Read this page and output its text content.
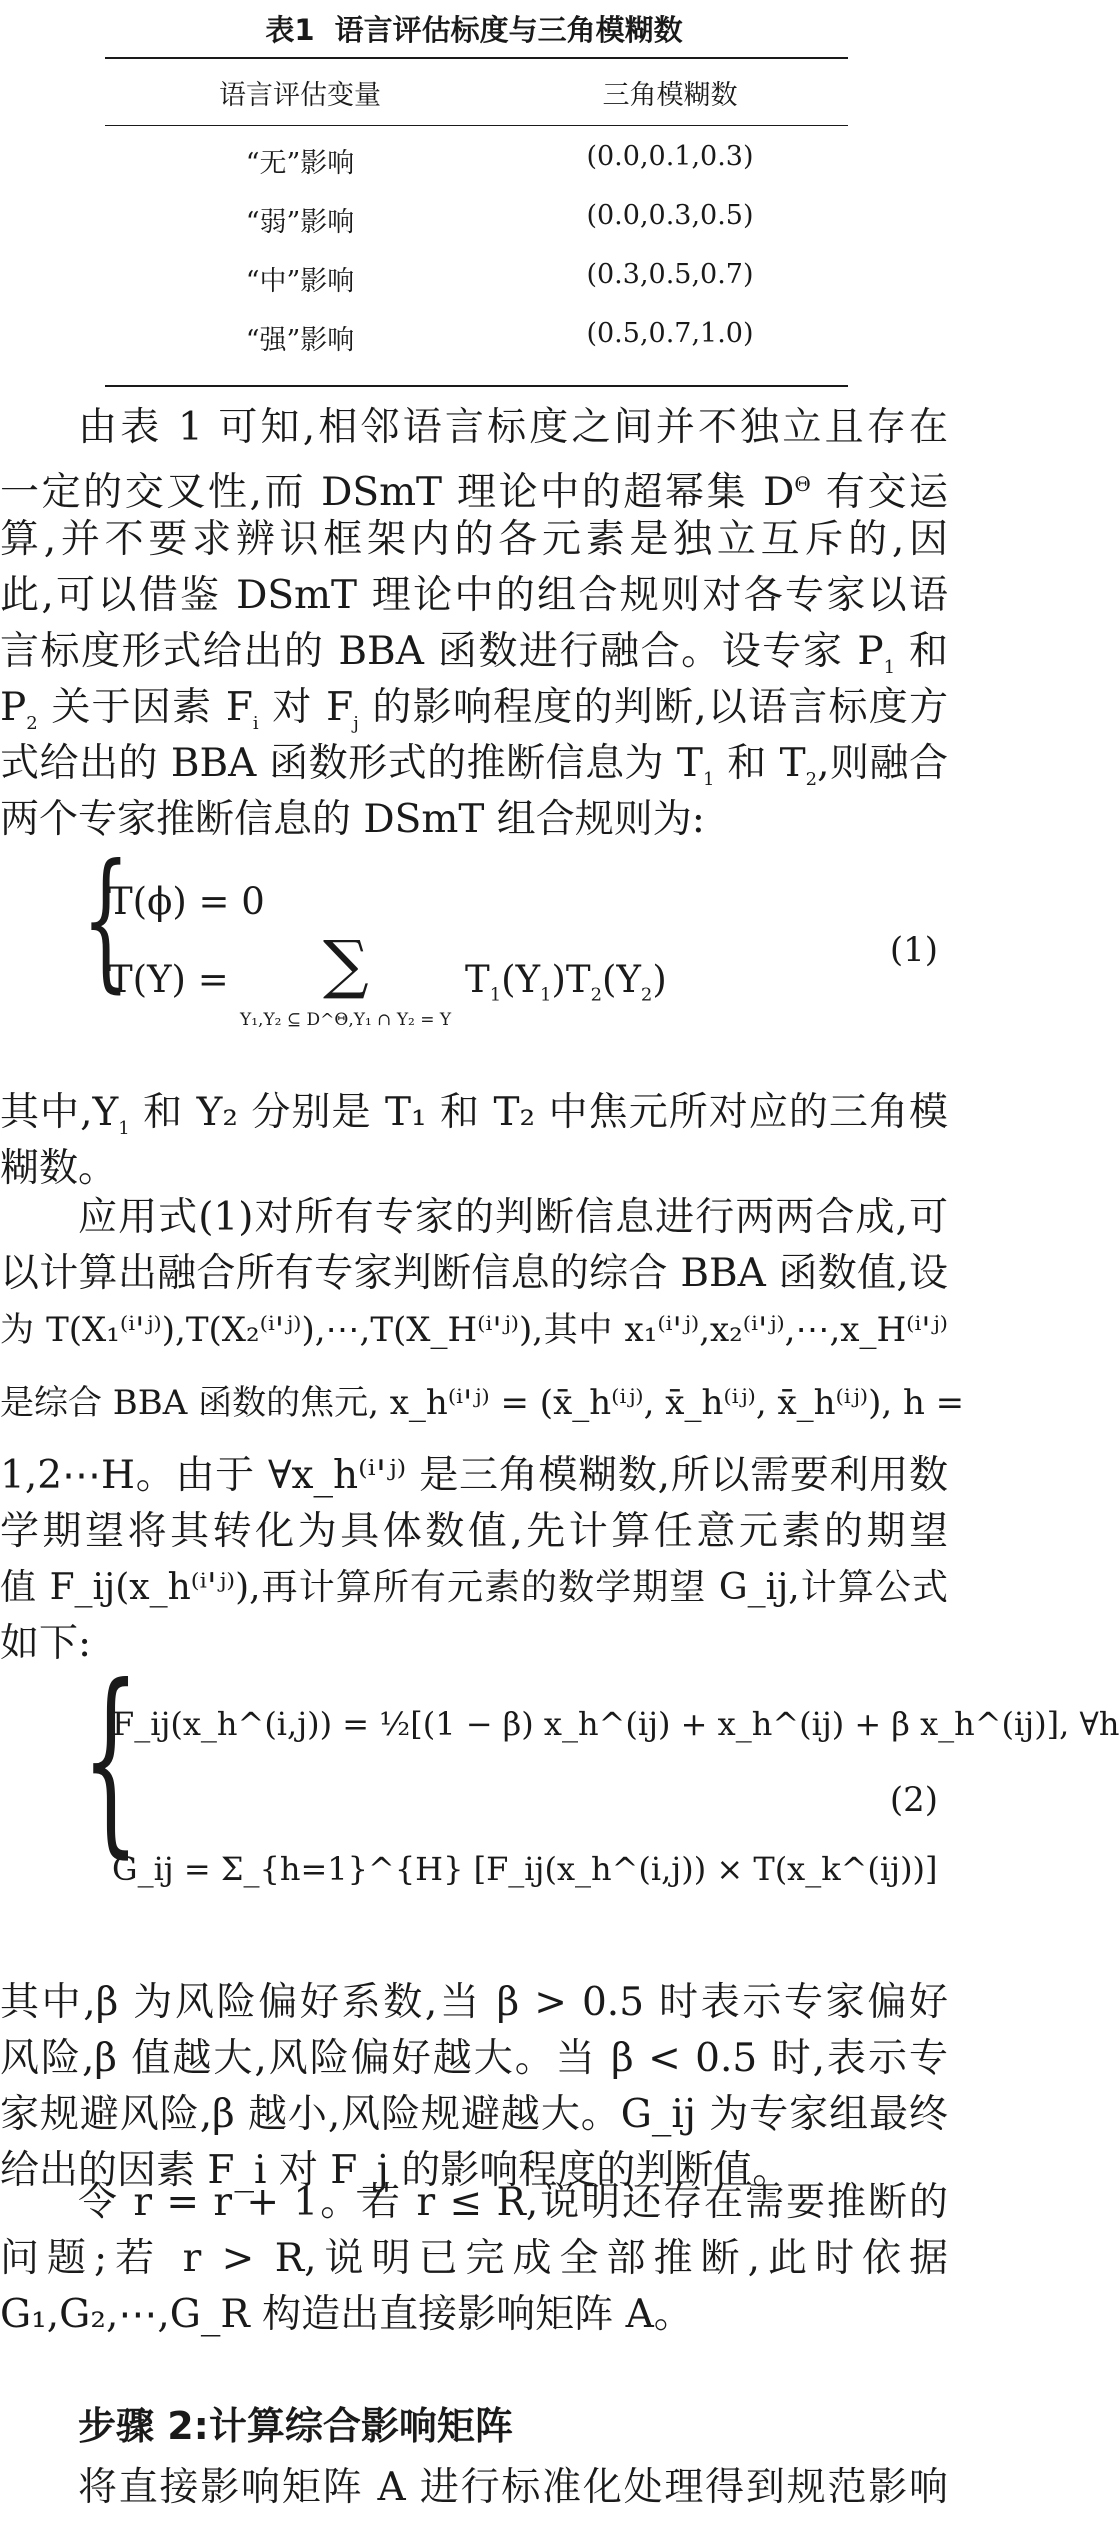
表1 语言评估标度与三角模糊数
语言评估变量	三角模糊数
“无”影响	(0.0,0.1,0.3)
“弱”影响	(0.0,0.3,0.5)
“中”影响	(0.3,0.5,0.7)
“强”影响	(0.5,0.7,1.0)
由表 1 可知,相邻语言标度之间并不独立且存在
一定的交叉性,而 DSmT 理论中的超幂集 $D^\Theta$ 有交运
算,并不要求辨识框架内的各元素是独立互斥的,因
此,可以借鉴 DSmT 理论中的组合规则对各专家以语
言标度形式给出的 BBA 函数进行融合。设专家 $P_1$ 和
$P_2$ 关于因素 $F_i$ 对 $F_j$ 的影响程度的判断,以语言标度方
式给出的 BBA 函数形式的推断信息为 $T_1$ 和 $T_2$,则融合
两个专家推断信息的 DSmT 组合规则为:
{
T(ϕ) = 0
T(Y) = ∑
Y₁,Y₂ ⊆ D^Θ,Y₁ ∩ Y₂ = Y
$T_1(Y_1)T_2(Y_2)$
(1)
其中$,Y_1$ 和 Y₂ 分别是 T₁ 和 T₂ 中焦元所对应的三角模
糊数。
应用式(1)对所有专家的判断信息进行两两合成,可
以计算出融合所有专家判断信息的综合 BBA 函数值,设
为 T(X₁⁽ⁱ'ʲ⁾),T(X₂⁽ⁱ'ʲ⁾),⋯,T(X_H⁽ⁱ'ʲ⁾),其中 x₁⁽ⁱ'ʲ⁾,x₂⁽ⁱ'ʲ⁾,⋯,x_H⁽ⁱ'ʲ⁾
是综合 BBA 函数的焦元, x_h⁽ⁱ'ʲ⁾ = (x̄_h⁽ⁱʲ⁾, x̄_h⁽ⁱʲ⁾, x̄_h⁽ⁱʲ⁾), h =
1,2⋯H。由于 ∀x_h⁽ⁱ'ʲ⁾ 是三角模糊数,所以需要利用数
学期望将其转化为具体数值,先计算任意元素的期望
值 F_ij(x_h⁽ⁱ'ʲ⁾),再计算所有元素的数学期望 G_ij,计算公式
如下:
{
F_ij(x_h^(i,j)) = ½[(1 − β) x_h^(ij) + x_h^(ij) + β x_h^(ij)], ∀h
G_ij = Σ_{h=1}^{H} [F_ij(x_h^(i,j)) × T(x_k^(ij))]
(2)
其中,β 为风险偏好系数,当 β > 0.5 时表示专家偏好
风险,β 值越大,风险偏好越大。当 β < 0.5 时,表示专
家规避风险,β 越小,风险规避越大。G_ij 为专家组最终
给出的因素 F_i 对 F_j 的影响程度的判断值。
令 r = r + 1。若 r ≤ R,说明还存在需要推断的
问题;若 r > R,说明已完成全部推断,此时依据
G₁,G₂,⋯,G_R 构造出直接影响矩阵 A。
步骤 2:计算综合影响矩阵
将直接影响矩阵 A 进行标准化处理得到规范影响
